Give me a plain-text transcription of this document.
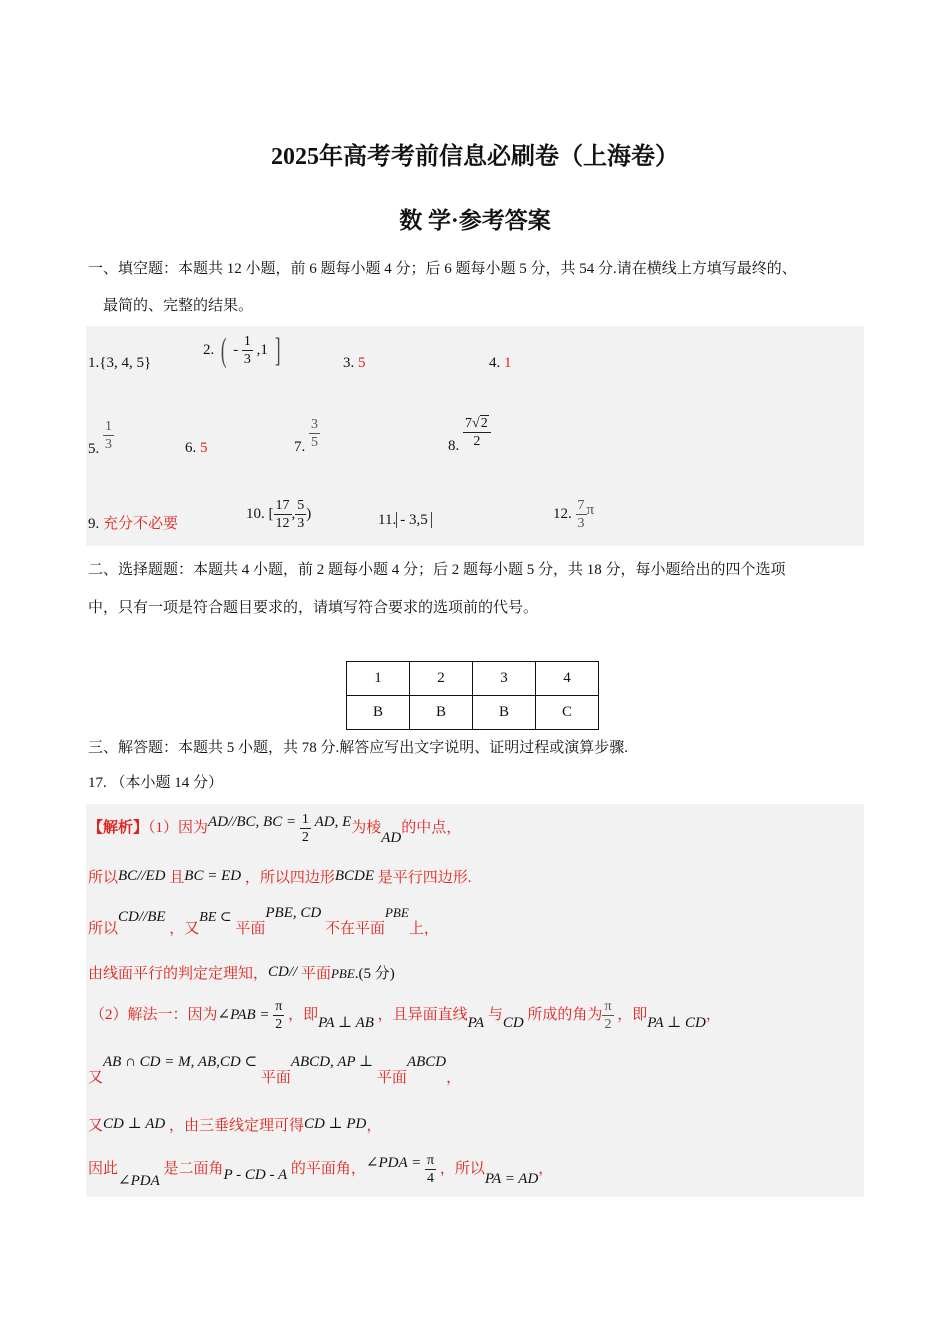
2025年高考考前信息必刷卷（上海卷）
数 学·参考答案
一、填空题：本题共 12 小题，前 6 题每小题 4 分；后 6 题每小题 5 分，共 54 分.请在横线上方填写最终的、
最简的、完整的结果。
1.{3, 4, 5}
2. ( - $\frac{1}{3} ,1$ ]	3. 5	4. 1
5. $\frac{1}{3}$	6. 5	7. $\frac{3}{5}$	8. $\frac{7√2}{2}$
9. 充分不必要
10. [ $\frac{17}{12}$ , $\frac{5}{3}$ )	11. - 3,5	12. $\frac{7}{3}$ π
二、选择题题：本题共 4 小题，前 2 题每小题 4 分；后 2 题每小题 5 分，共 18 分，每小题给出的四个选项
中，只有一项是符合题目要求的，请填写符合要求的选项前的代号。
1	2	3	4
B	B	B	C
三、解答题：本题共 5 小题，共 78 分.解答应写出文字说明、证明过程或演算步骤.
17. （本小题 14 分）
【解析】（1）因为AD//BC, BC = $\frac{1}{2}$ AD, E为棱AD的中点，
所以BC//ED 且BC = ED ，所以四边形BCDE 是平行四边形.
所以CD//BE ，又BE ⊂ 平面PBE, CD 不在平面PBE上，
由线面平行的判定定理知，CD// 平面PBE.(5 分)
（2）解法一：因为∠PAB = $\frac{\pi}{2}$ ，即PA ⊥ AB ，且异面直线PA 与CD 所成的角为 $\frac{\pi}{2}$ ，即PA ⊥ CD，
又AB ∩ CD = M, AB,CD ⊂ 平面ABCD, AP ⊥ 平面ABCD，
又CD ⊥ AD ，由三垂线定理可得CD ⊥ PD，
因此∠PDA 是二面角P - CD - A 的平面角，∠PDA = $\frac{\pi}{4}$ ，所以PA = AD，
